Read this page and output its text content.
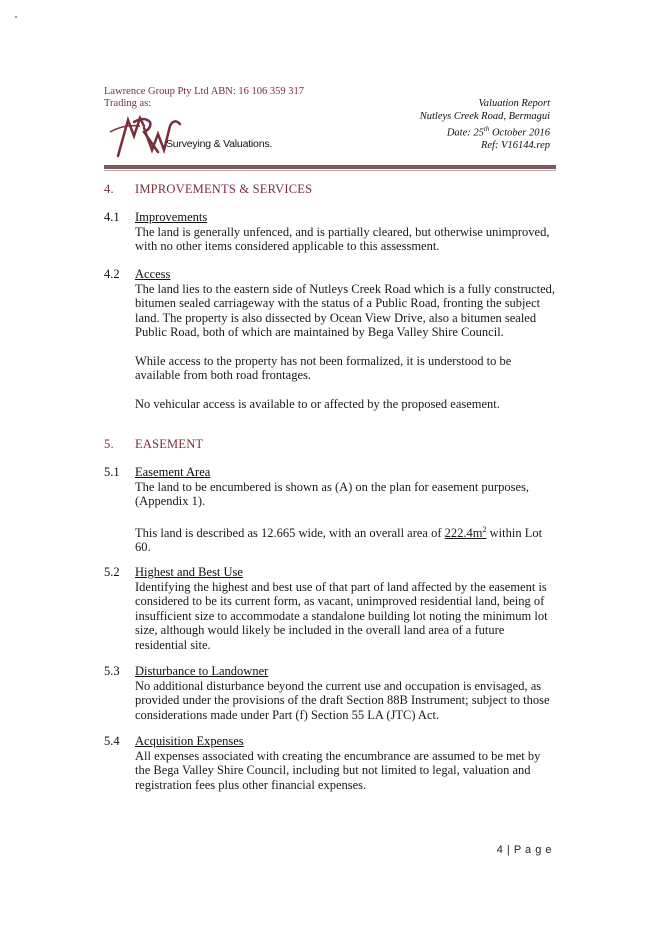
Lawrence Group Pty Ltd ABN: 16 106 359 317
Trading as:
Surveying & Valuations.
Valuation Report
Nutleys Creek Road, Bermagui
Date: 25th October 2016
Ref: V16144.rep
4. IMPROVEMENTS & SERVICES
4.1 Improvements

The land is generally unfenced, and is partially cleared, but otherwise unimproved, with no other items considered applicable to this assessment.

4.2 Access

The land lies to the eastern side of Nutleys Creek Road which is a fully constructed, bitumen sealed carriageway with the status of a Public Road, fronting the subject land. The property is also dissected by Ocean View Drive, also a bitumen sealed Public Road, both of which are maintained by Bega Valley Shire Council.

While access to the property has not been formalized, it is understood to be available from both road frontages.

No vehicular access is available to or affected by the proposed easement.

5. EASEMENT
5.1 Easement Area

The land to be encumbered is shown as (A) on the plan for easement purposes, (Appendix 1).

This land is described as 12.665 wide, with an overall area of $222.4m^2$ within Lot 60.

5.2 Highest and Best Use

Identifying the highest and best use of that part of land affected by the easement is considered to be its current form, as vacant, unimproved residential land, being of insufficient size to accommodate a standalone building lot noting the minimum lot size, although would likely be included in the overall land area of a future residential site.

5.3 Disturbance to Landowner

No additional disturbance beyond the current use and occupation is envisaged, as provided under the provisions of the draft Section 88B Instrument; subject to those considerations made under Part (f) Section 55 LA (JTC) Act.

5.4 Acquisition Expenses

All expenses associated with creating the encumbrance are assumed to be met by the Bega Valley Shire Council, including but not limited to legal, valuation and registration fees plus other financial expenses.

4 | P a g e
